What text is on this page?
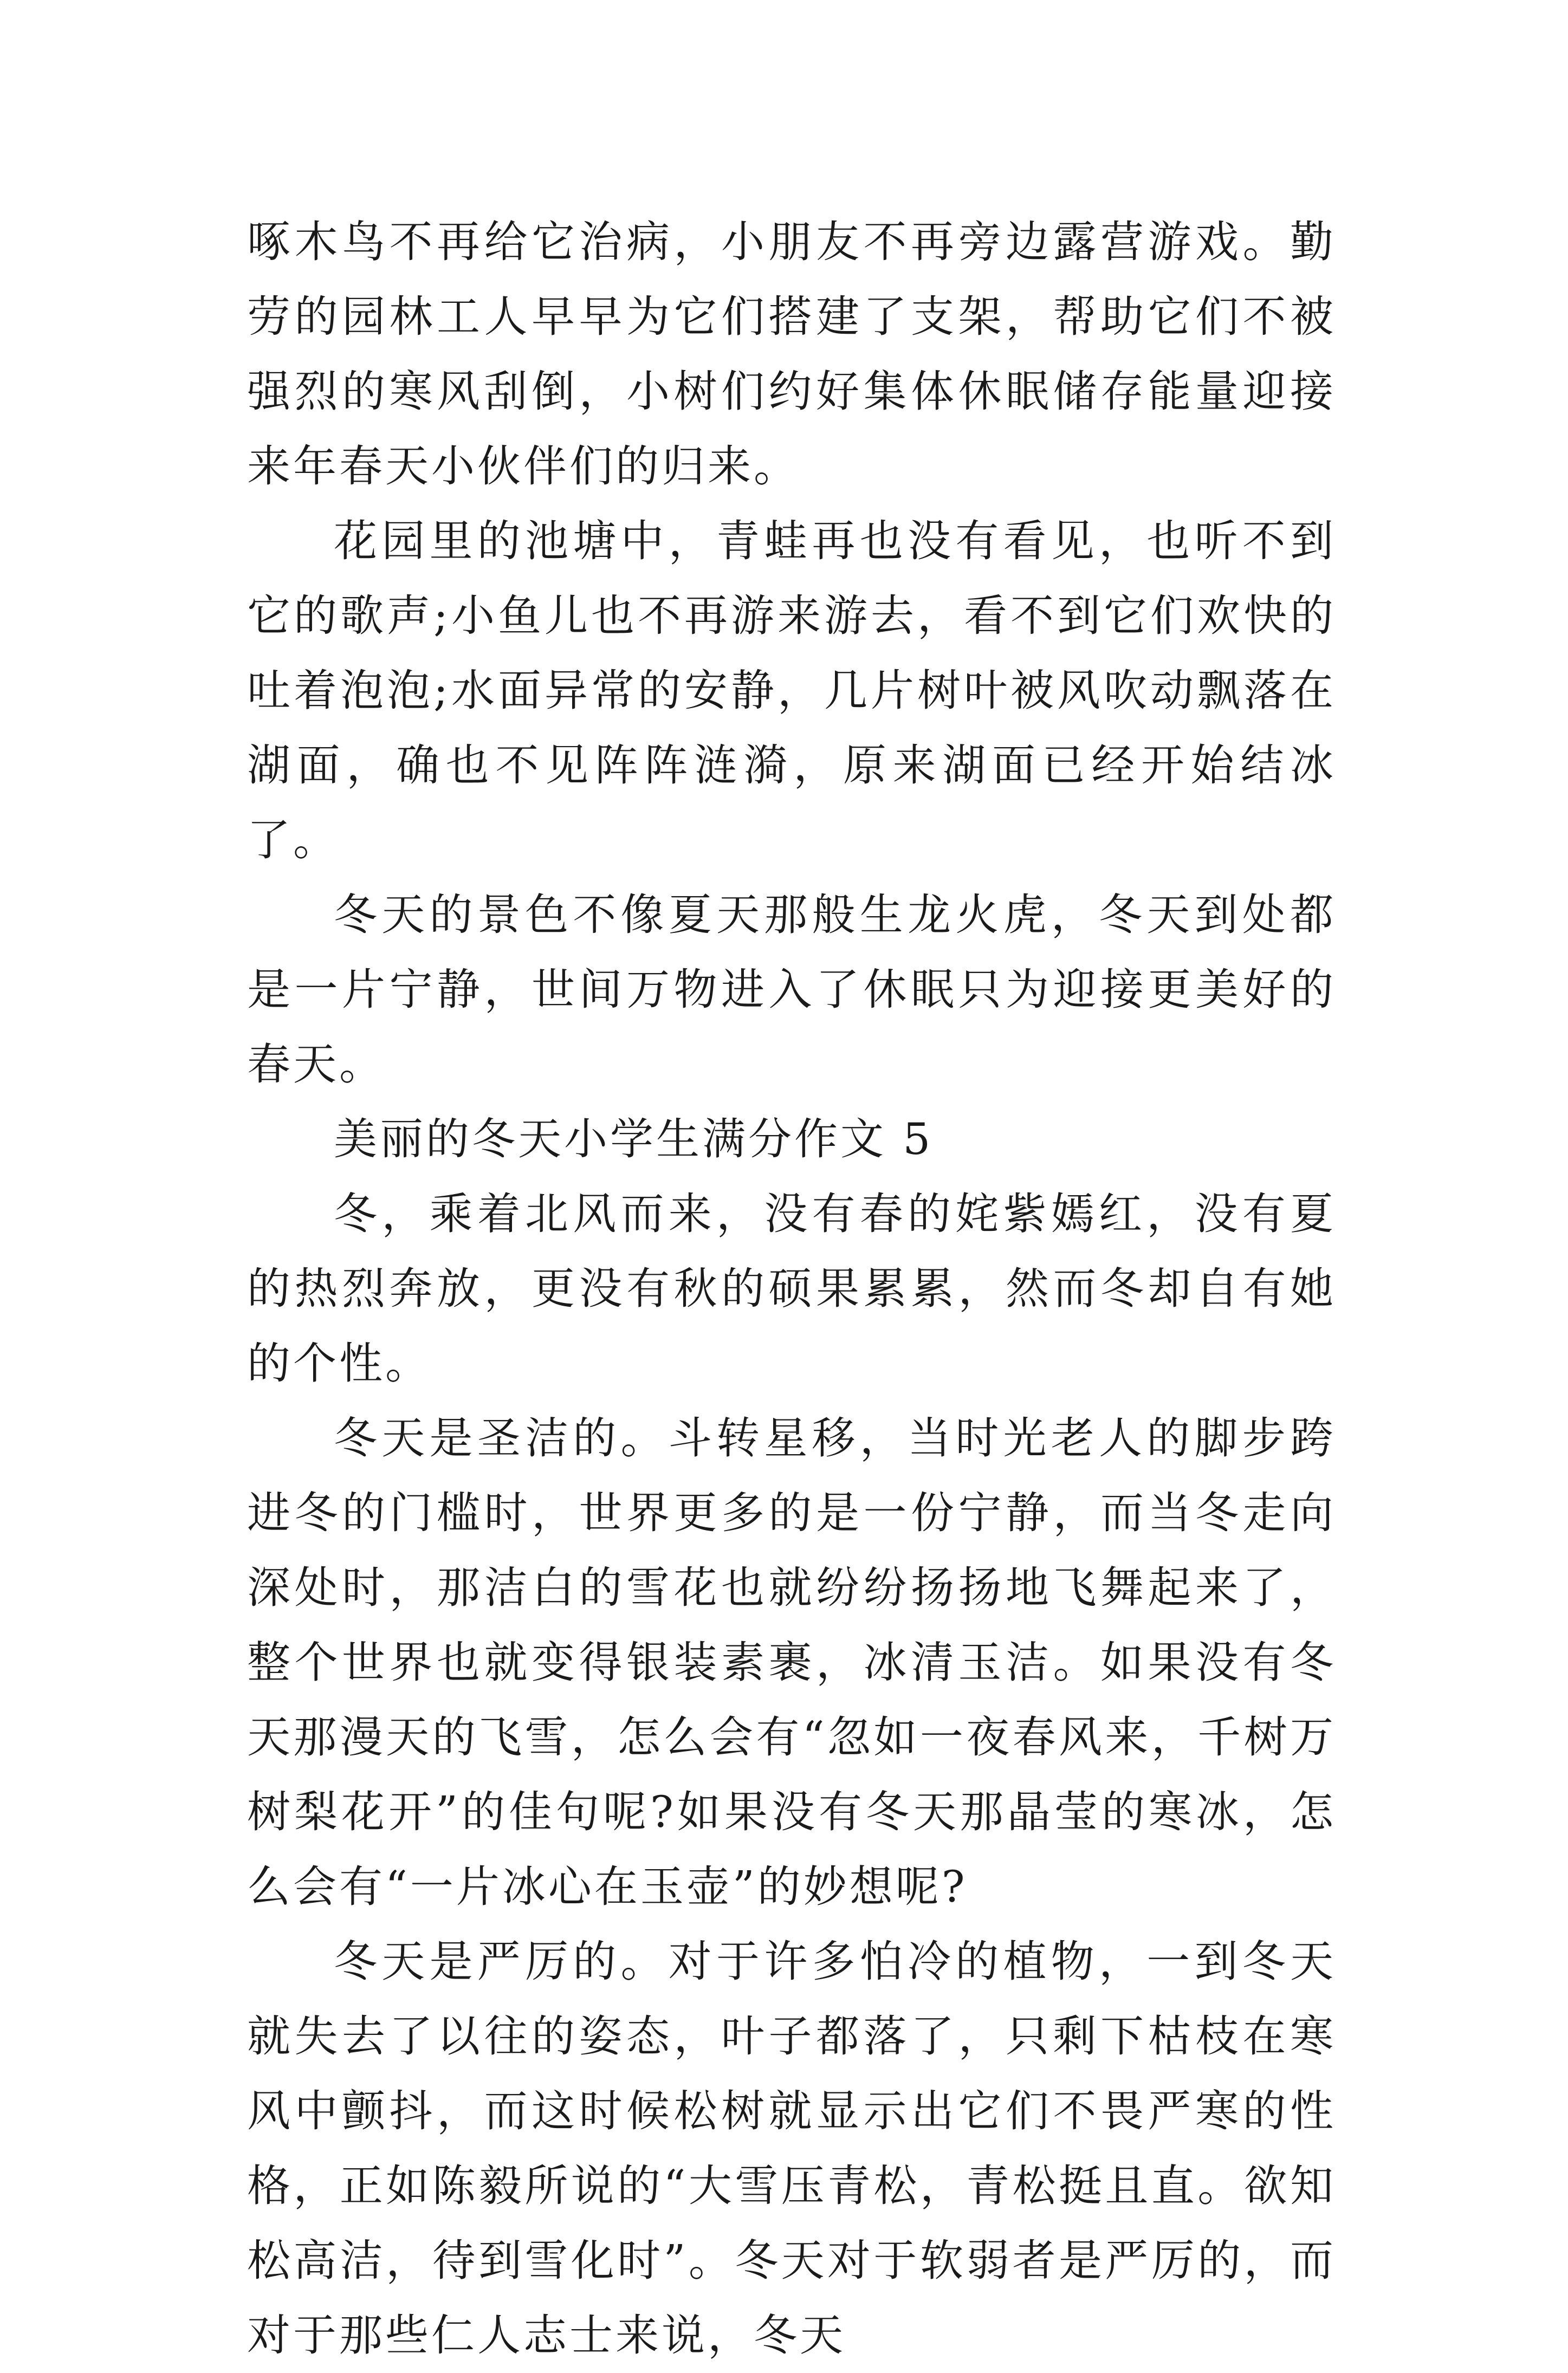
啄木鸟不再给它治病，小朋友不再旁边露营游戏。勤劳的园林工人早早为它们搭建了支架，帮助它们不被强烈的寒风刮倒，小树们约好集体休眠储存能量迎接来年春天小伙伴们的归来。

花园里的池塘中，青蛙再也没有看见，也听不到它的歌声;小鱼儿也不再游来游去，看不到它们欢快的吐着泡泡;水面异常的安静，几片树叶被风吹动飘落在湖面，确也不见阵阵涟漪，原来湖面已经开始结冰了。

冬天的景色不像夏天那般生龙火虎，冬天到处都是一片宁静，世间万物进入了休眠只为迎接更美好的春天。

美丽的冬天小学生满分作文 5

冬，乘着北风而来，没有春的姹紫嫣红，没有夏的热烈奔放，更没有秋的硕果累累，然而冬却自有她的个性。

冬天是圣洁的。斗转星移，当时光老人的脚步跨进冬的门槛时，世界更多的是一份宁静，而当冬走向深处时，那洁白的雪花也就纷纷扬扬地飞舞起来了，整个世界也就变得银装素裹，冰清玉洁。如果没有冬天那漫天的飞雪，怎么会有“忽如一夜春风来，千树万树梨花开”的佳句呢?如果没有冬天那晶莹的寒冰，怎么会有“一片冰心在玉壶”的妙想呢?

冬天是严厉的。对于许多怕冷的植物，一到冬天就失去了以往的姿态，叶子都落了，只剩下枯枝在寒风中颤抖，而这时候松树就显示出它们不畏严寒的性格，正如陈毅所说的“大雪压青松，青松挺且直。欲知松高洁，待到雪化时”。冬天对于软弱者是严厉的，而对于那些仁人志士来说，冬天
